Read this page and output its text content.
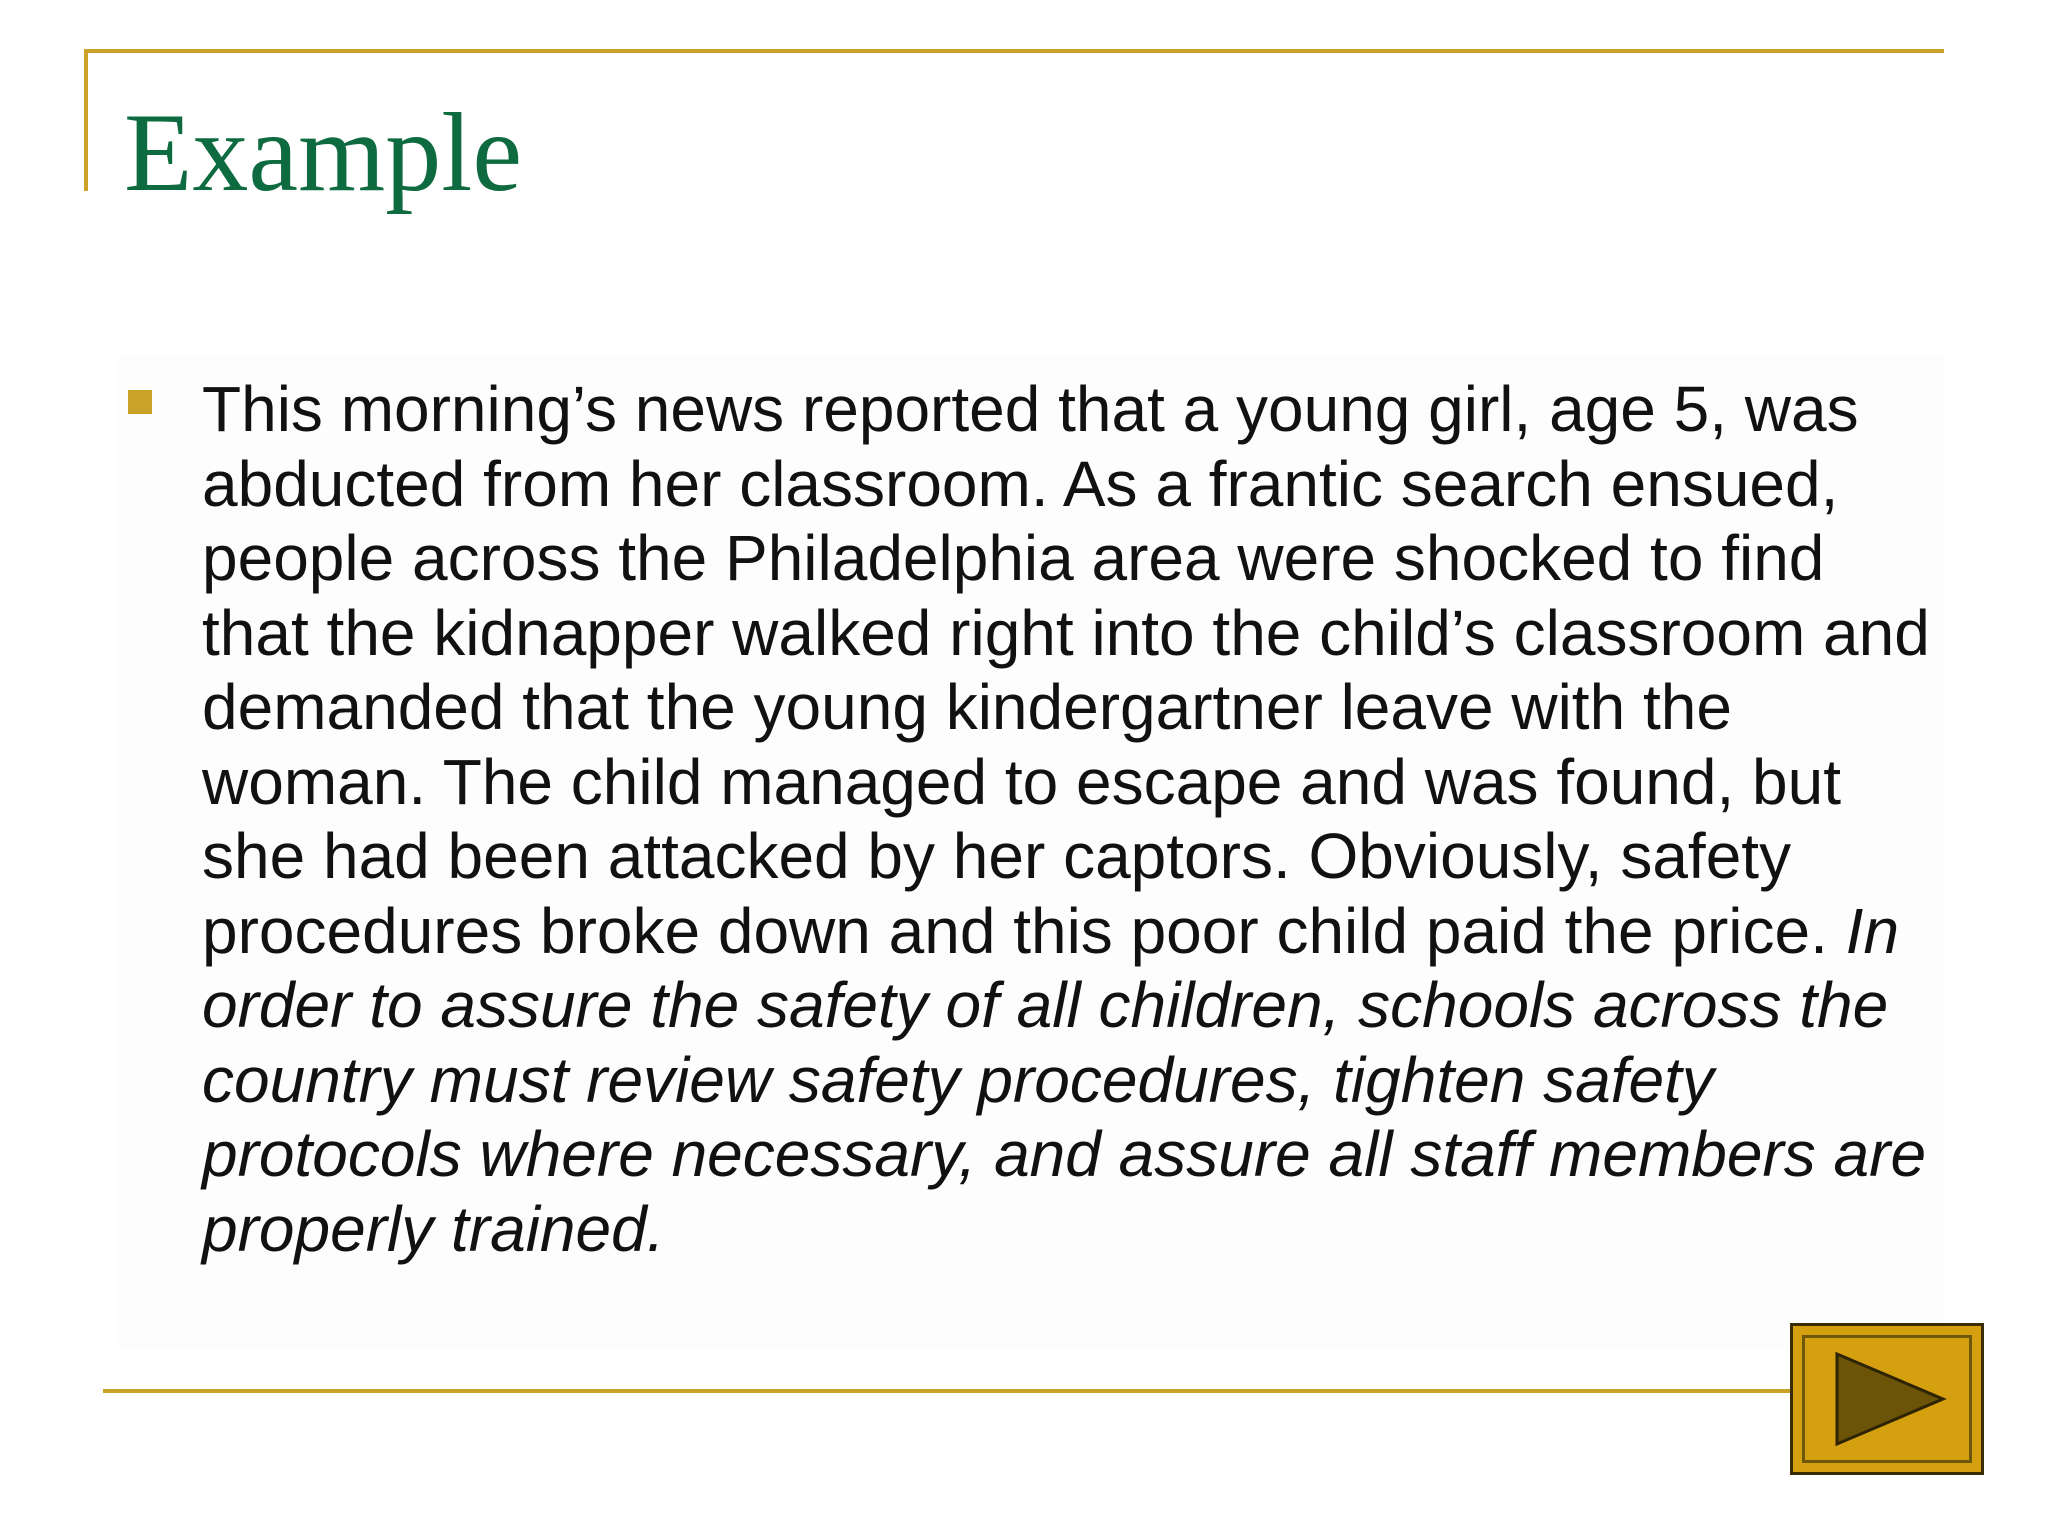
Example

This morning’s news reported that a young girl, age 5, was abducted from her classroom. As a frantic search ensued, people across the Philadelphia area were shocked to find that the kidnapper walked right into the child’s classroom and demanded that the young kindergartner leave with the woman. The child managed to escape and was found, but she had been attacked by her captors. Obviously, safety procedures broke down and this poor child paid the price. In order to assure the safety of all children, schools across the country must review safety procedures, tighten safety protocols where necessary, and assure all staff members are properly trained.
